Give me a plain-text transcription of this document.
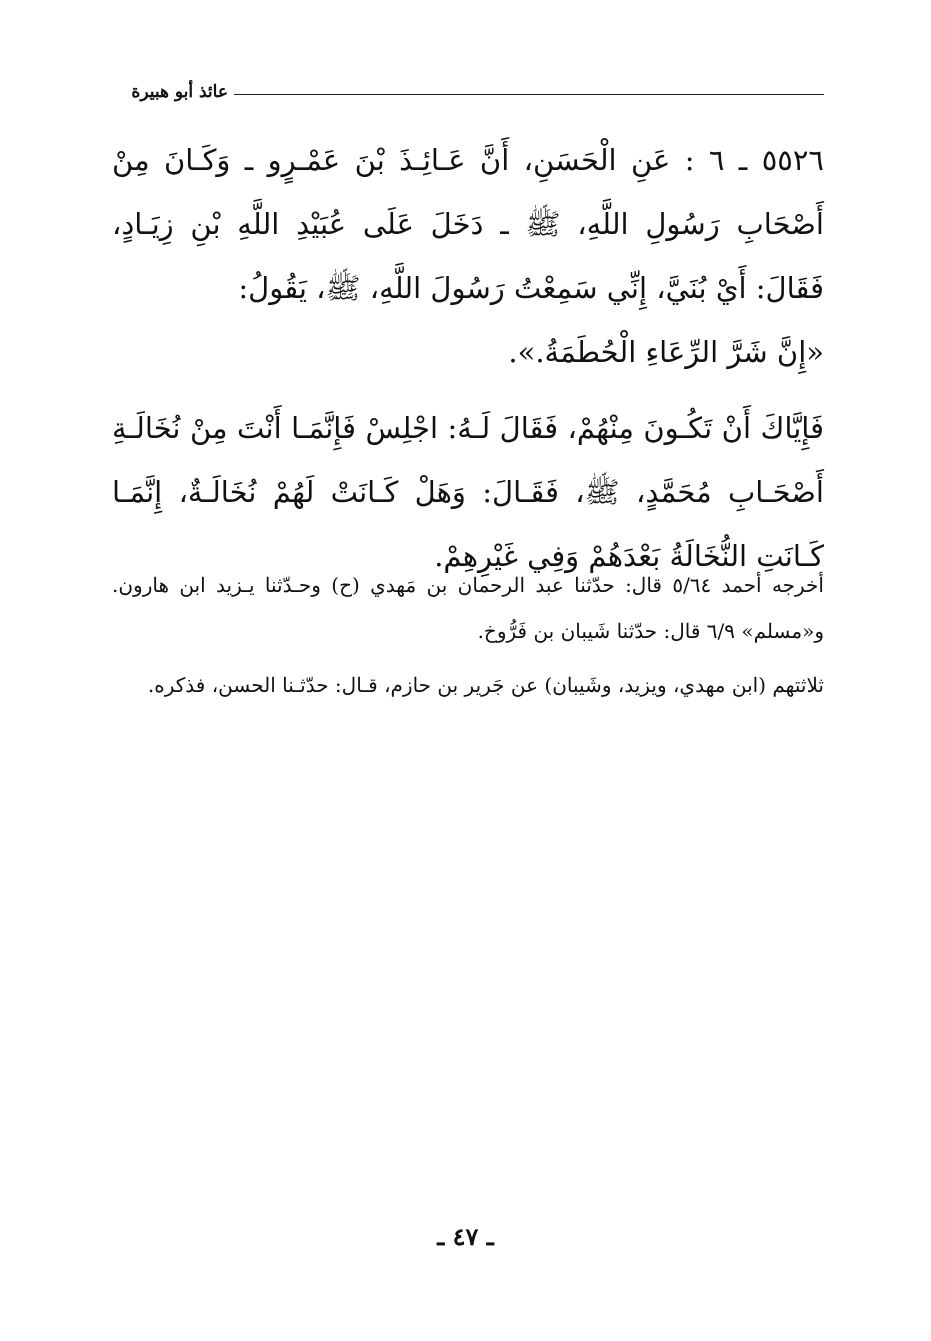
عائذ أبو هبيرة

٥٥٢٦ ـ ٦ : عَنِ الْحَسَنِ، أَنَّ عَـائِـذَ بْنَ عَمْـرٍو ـ وَكَـانَ مِنْ أَصْحَابِ رَسُولِ اللَّهِ، ﷺ ـ دَخَلَ عَلَى عُبَيْدِ اللَّهِ بْنِ زِيَـادٍ، فَقَالَ: أَيْ بُنَيَّ، إِنِّي سَمِعْتُ رَسُولَ اللَّهِ، ﷺ، يَقُولُ:

«إِنَّ شَرَّ الرِّعَاءِ الْحُطَمَةُ.».

فَإِيَّاكَ أَنْ تَكُـونَ مِنْهُمْ، فَقَالَ لَـهُ: اجْلِسْ فَإِنَّمَـا أَنْتَ مِنْ نُخَالَـةِ أَصْحَـابِ مُحَمَّدٍ، ﷺ، فَقَـالَ: وَهَلْ كَـانَتْ لَهُمْ نُخَالَـةٌ، إِنَّمَـا كَـانَتِ النُّخَالَةُ بَعْدَهُمْ وَفِي غَيْرِهِمْ.

أخرجه أحمد ٥/٦٤ قال: حدّثنا عبد الرحمان بن مَهدي (ح) وحـدّثنا يـزيد ابن هارون. و«مسلم» ٦/٩ قال: حدّثنا شَيبان بن فَرُّوخ.

ثلاثتهم (ابن مهدي، ويزيد، وشَيبان) عن جَرير بن حازم، قـال: حدّثـنا الحسن، فذكره.

ـ ٤٧ ـ
